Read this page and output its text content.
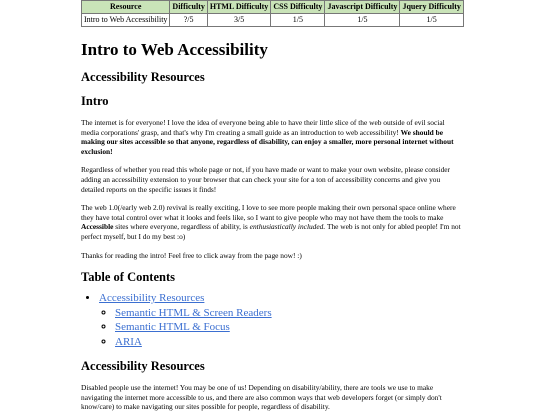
Resource	Difficulty	HTML Difficulty	CSS Difficulty	Javascript Difficulty	Jquery Difficulty
Intro to Web Accessibility	?/5	3/5	1/5	1/5	1/5
Intro to Web Accessibility
Accessibility Resources
Intro

The internet is for everyone! I love the idea of everyone being able to have their little slice of the web outside of evil social media corporations' grasp, and that's why I'm creating a small guide as an introduction to web accessibility! We should be making our sites accessible so that anyone, regardless of disability, can enjoy a smaller, more personal internet without exclusion!

Regardless of whether you read this whole page or not, if you have made or want to make your own website, please consider adding an accessibility extension to your browser that can check your site for a ton of accessibility concerns and give you detailed reports on the specific issues it finds!

The web 1.0(/early web 2.0) revival is really exciting, I love to see more people making their own personal space online where they have total control over what it looks and feels like, so I want to give people who may not have them the tools to make Accessible sites where everyone, regardless of ability, is enthusiastically included. The web is not only for abled people! I'm not perfect myself, but I do my best :o)

Thanks for reading the intro! Feel free to click away from the page now! :)

Table of Contents
• Accessibility Resources
◦ Semantic HTML & Screen Readers
◦ Semantic HTML & Focus
◦ ARIA
Accessibility Resources

Disabled people use the internet! You may be one of us! Depending on disability/ability, there are tools we use to make navigating the internet more accessible to us, and there are also common ways that web developers forget (or simply don't know/care) to make navigating our sites possible for people, regardless of disability.
